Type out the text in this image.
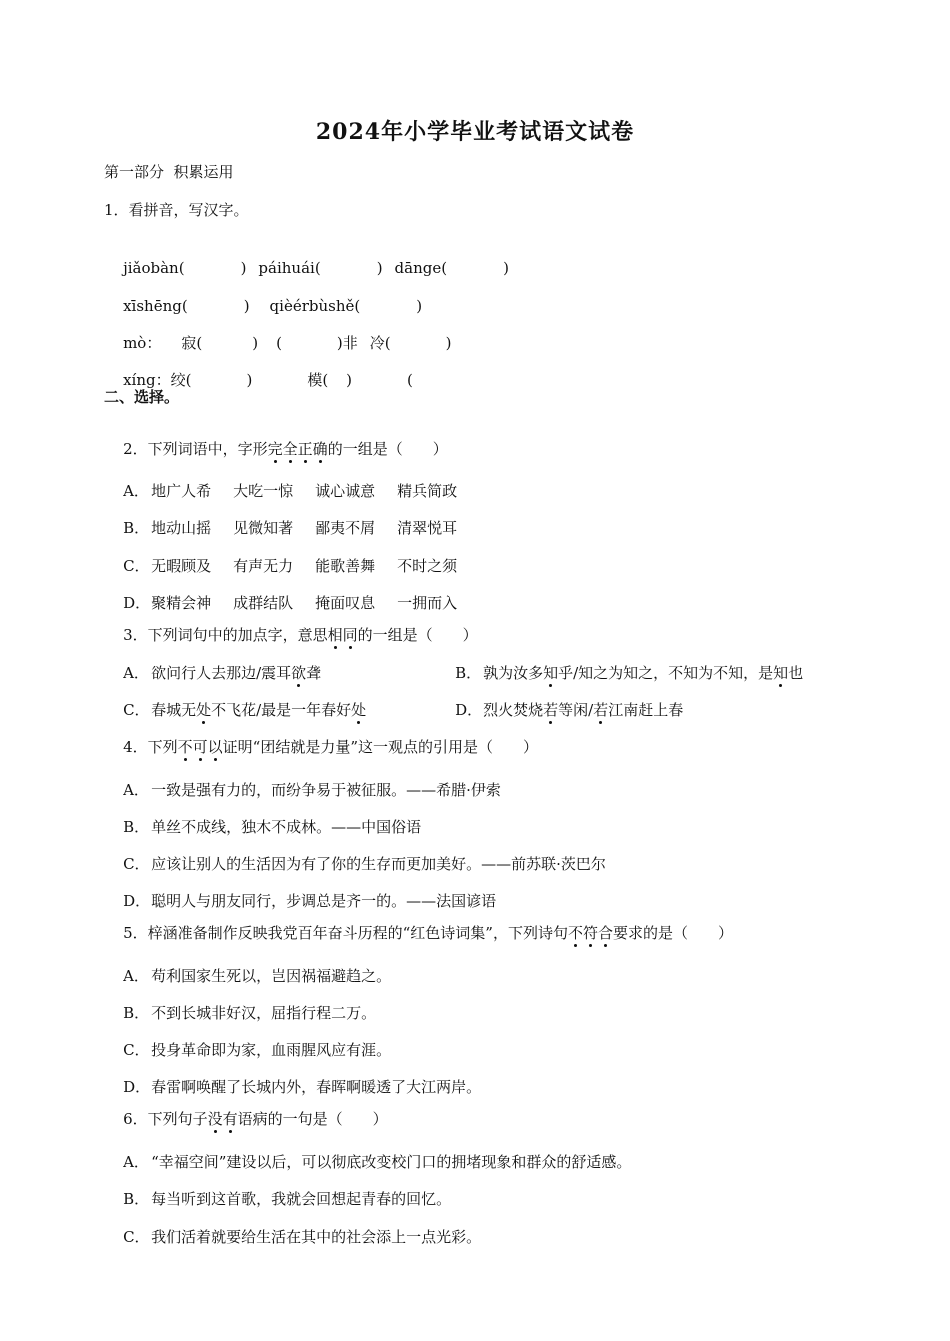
2024年小学毕业考试语文试卷
第一部分  积累运用
1．看拼音，写汉字。

jiǎobàn(	) páihuái(	) dānge(	)

xīshēng(	) qièérbùshě(	)

mò： 寂(	) (	)非 冷(	)

xíng：绞(	)	模( )	(

二、选择。

2．下列词语中，字形完全正确的一组是（　　）

A． 地广人希 大吃一惊 诚心诚意 精兵简政

B． 地动山摇 见微知著 鄙夷不屑 清翠悦耳

C． 无暇顾及 有声无力 能歌善舞 不时之须

D．聚精会神 成群结队 掩面叹息 一拥而入

3．下列词句中的加点字，意思相同的一组是（　　）

A． 欲问行人去那边/震耳欲聋
	B． 孰为汝多知乎/知之为知之，不知为不知，是知也

C． 春城无处不飞花/最是一年春好处
	D．烈火焚烧若等闲/若江南赶上春

4．下列不可以证明“团结就是力量”这一观点的引用是（　　）

A． 一致是强有力的，而纷争易于被征服。——希腊·伊索

B． 单丝不成线，独木不成林。——中国俗语

C． 应该让别人的生活因为有了你的生存而更加美好。——前苏联·茨巴尔

D．聪明人与朋友同行，步调总是齐一的。——法国谚语

5．梓涵准备制作反映我党百年奋斗历程的“红色诗词集”，下列诗句不符合要求的是（　　）

A． 苟利国家生死以，岂因祸福避趋之。

B． 不到长城非好汉，屈指行程二万。

C． 投身革命即为家，血雨腥风应有涯。

D．春雷啊唤醒了长城内外，春晖啊暖透了大江两岸。

6．下列句子没有语病的一句是（　　）

A． “幸福空间”建设以后，可以彻底改变校门口的拥堵现象和群众的舒适感。

B． 每当听到这首歌，我就会回想起青春的回忆。

C． 我们活着就要给生活在其中的社会添上一点光彩。
